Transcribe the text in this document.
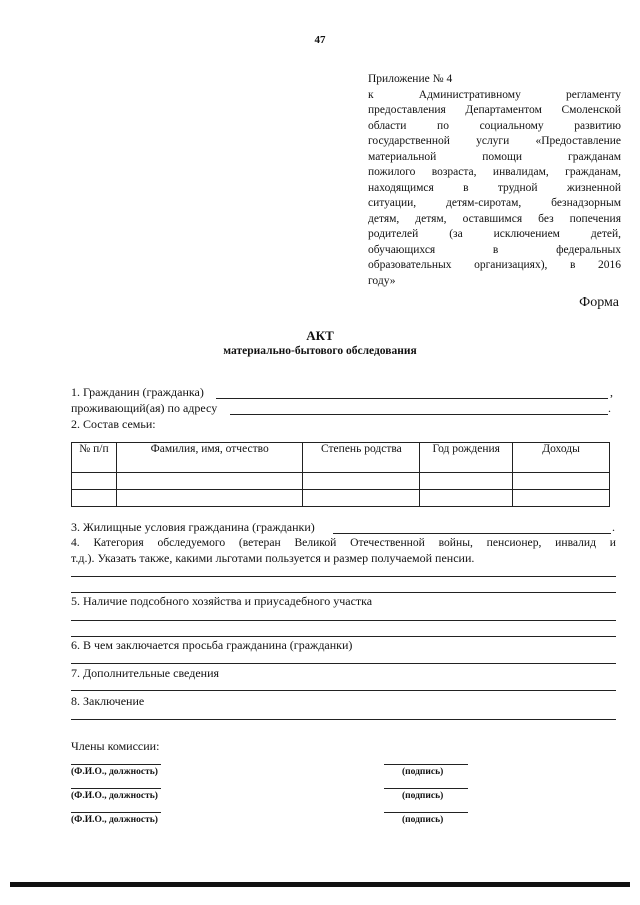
47
Приложение № 4
к Административному регламенту
предоставления Департаментом Смоленской
области по социальному развитию
государственной услуги «Предоставление
материальной помощи гражданам
пожилого возраста, инвалидам, гражданам,
находящимся в трудной жизненной
ситуации, детям-сиротам, безнадзорным
детям, детям, оставшимся без попечения
родителей (за исключением детей,
обучающихся в федеральных
образовательных организациях), в 2016
году»
Форма
АКТ
материально-бытового обследования
1. Гражданин (гражданка)	,
проживающий(ая) по адресу	.
2. Состав семьи:
№ п/п	Фамилия, имя, отчество	Степень родства	Год рождения	Доходы

3. Жилищные условия гражданина (гражданки)	.
4. Категория обследуемого (ветеран Великой Отечественной войны, пенсионер, инвалид и
т.д.). Указать также, какими льготами пользуется и размер получаемой пенсии.
5. Наличие подсобного хозяйства и приусадебного участка
6. В чем заключается просьба гражданина (гражданки)
7. Дополнительные сведения
8. Заключение
Члены комиссии:
(Ф.И.О., должность)	(подпись)
(Ф.И.О., должность)	(подпись)
(Ф.И.О., должность)	(подпись)
